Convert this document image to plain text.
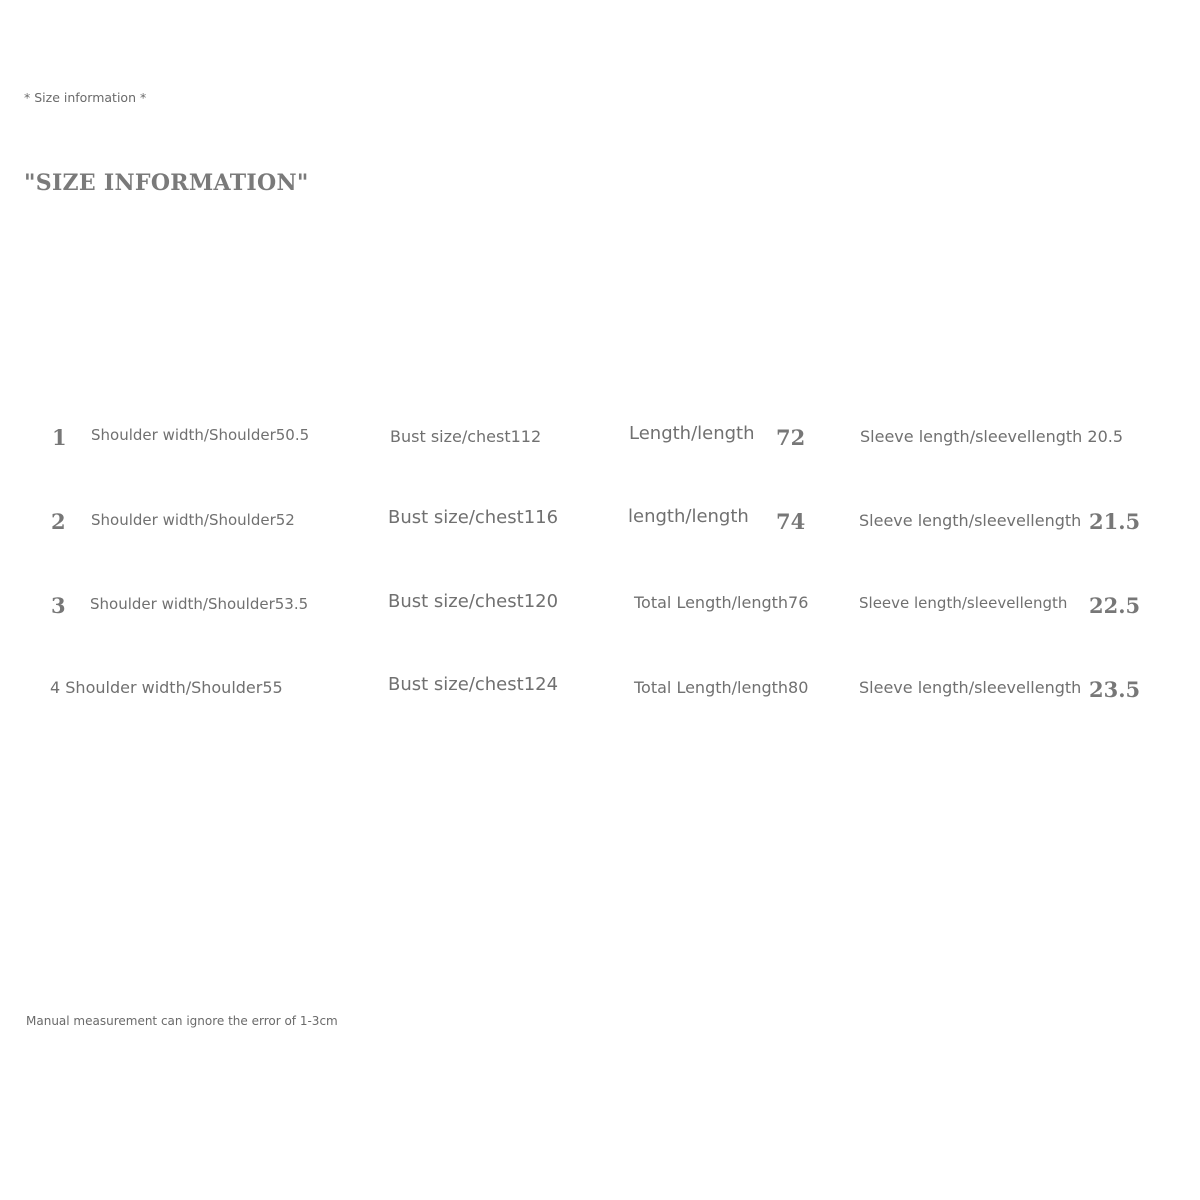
* Size information *
"SIZE INFORMATION"
1 Shoulder width/Shoulder50.5	Bust size/chest112	Length/length 72	Sleeve length/sleevellength 20.5
2 Shoulder width/Shoulder52	Bust size/chest116	length/length 74	Sleeve length/sleevellength 21.5
3 Shoulder width/Shoulder53.5	Bust size/chest120	Total Length/length76	Sleeve length/sleevellength 22.5
4 Shoulder width/Shoulder55	Bust size/chest124	Total Length/length80	Sleeve length/sleevellength 23.5
Manual measurement can ignore the error of 1-3cm
